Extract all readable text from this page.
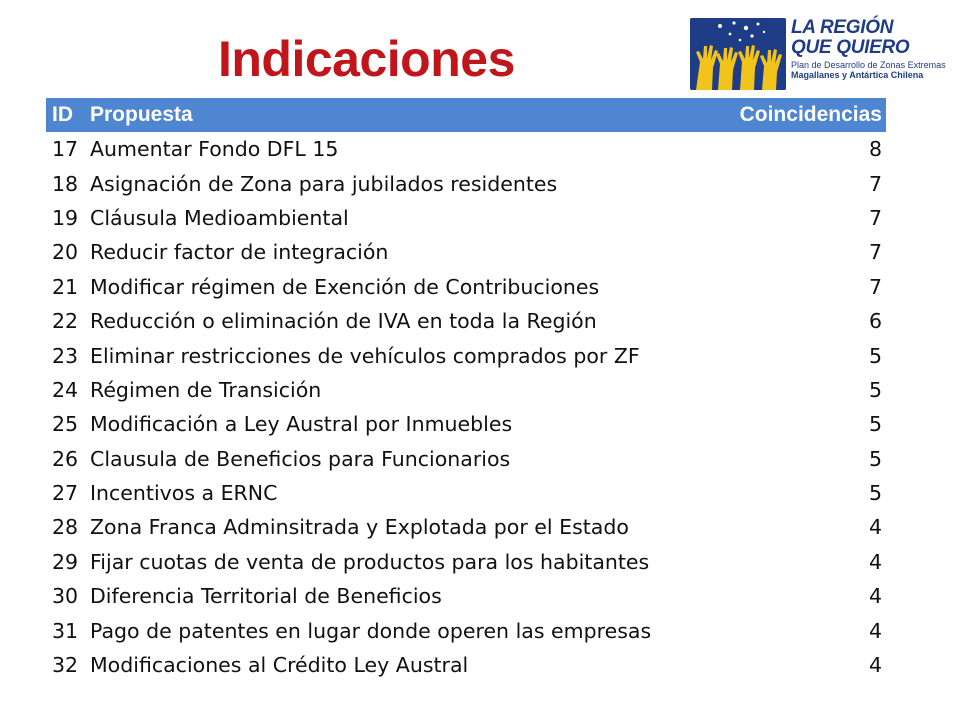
Indicaciones
LA REGIÓN
QUE QUIERO
Plan de Desarrollo de Zonas Extremas
Magallanes y Antártica Chilena
ID	Propuesta	Coincidencias
17	Aumentar Fondo DFL 15	8
18	Asignación de Zona para jubilados residentes	7
19	Cláusula Medioambiental	7
20	Reducir factor de integración	7
21	Modificar régimen de Exención de Contribuciones	7
22	Reducción o eliminación de IVA en toda la Región	6
23	Eliminar restricciones de vehículos comprados por ZF	5
24	Régimen de Transición	5
25	Modificación a Ley Austral por Inmuebles	5
26	Clausula de Beneficios para Funcionarios	5
27	Incentivos a ERNC	5
28	Zona Franca Adminsitrada y Explotada por el Estado	4
29	Fijar cuotas de venta de productos para los habitantes	4
30	Diferencia Territorial de Beneficios	4
31	Pago de patentes en lugar donde operen las empresas	4
32	Modificaciones al Crédito Ley Austral	4
